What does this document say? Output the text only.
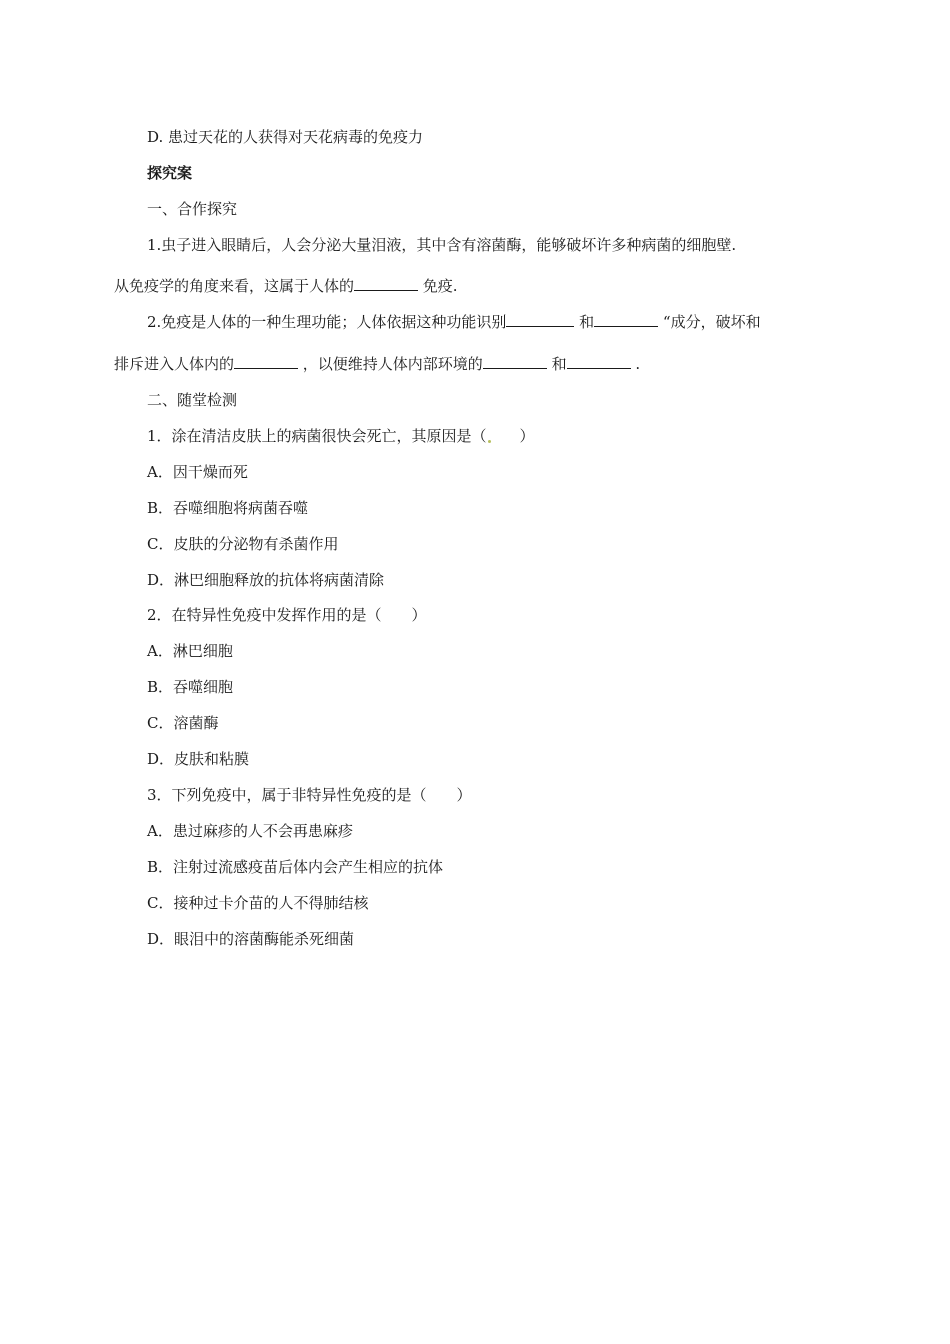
D. 患过天花的人获得对天花病毒的免疫力
探究案
一、合作探究
1.虫子进入眼睛后，人会分泌大量泪液，其中含有溶菌酶，能够破坏许多种病菌的细胞壁.
从免疫学的角度来看，这属于人体的	免疫.
2.免疫是人体的一种生理功能；人体依据这种功能识别	和	“成分，破坏和
排斥进入人体内的	，以便维持人体内部环境的	和	.
二、随堂检测
1．涂在清洁皮肤上的病菌很快会死亡，其原因是（ ）
A．因干燥而死
B．吞噬细胞将病菌吞噬
C．皮肤的分泌物有杀菌作用
D．淋巴细胞释放的抗体将病菌清除
2．在特异性免疫中发挥作用的是（　　）
A．淋巴细胞
B．吞噬细胞
C．溶菌酶
D．皮肤和粘膜
3．下列免疫中，属于非特异性免疫的是（　　）
A．患过麻疹的人不会再患麻疹
B．注射过流感疫苗后体内会产生相应的抗体
C．接种过卡介苗的人不得肺结核
D．眼泪中的溶菌酶能杀死细菌
